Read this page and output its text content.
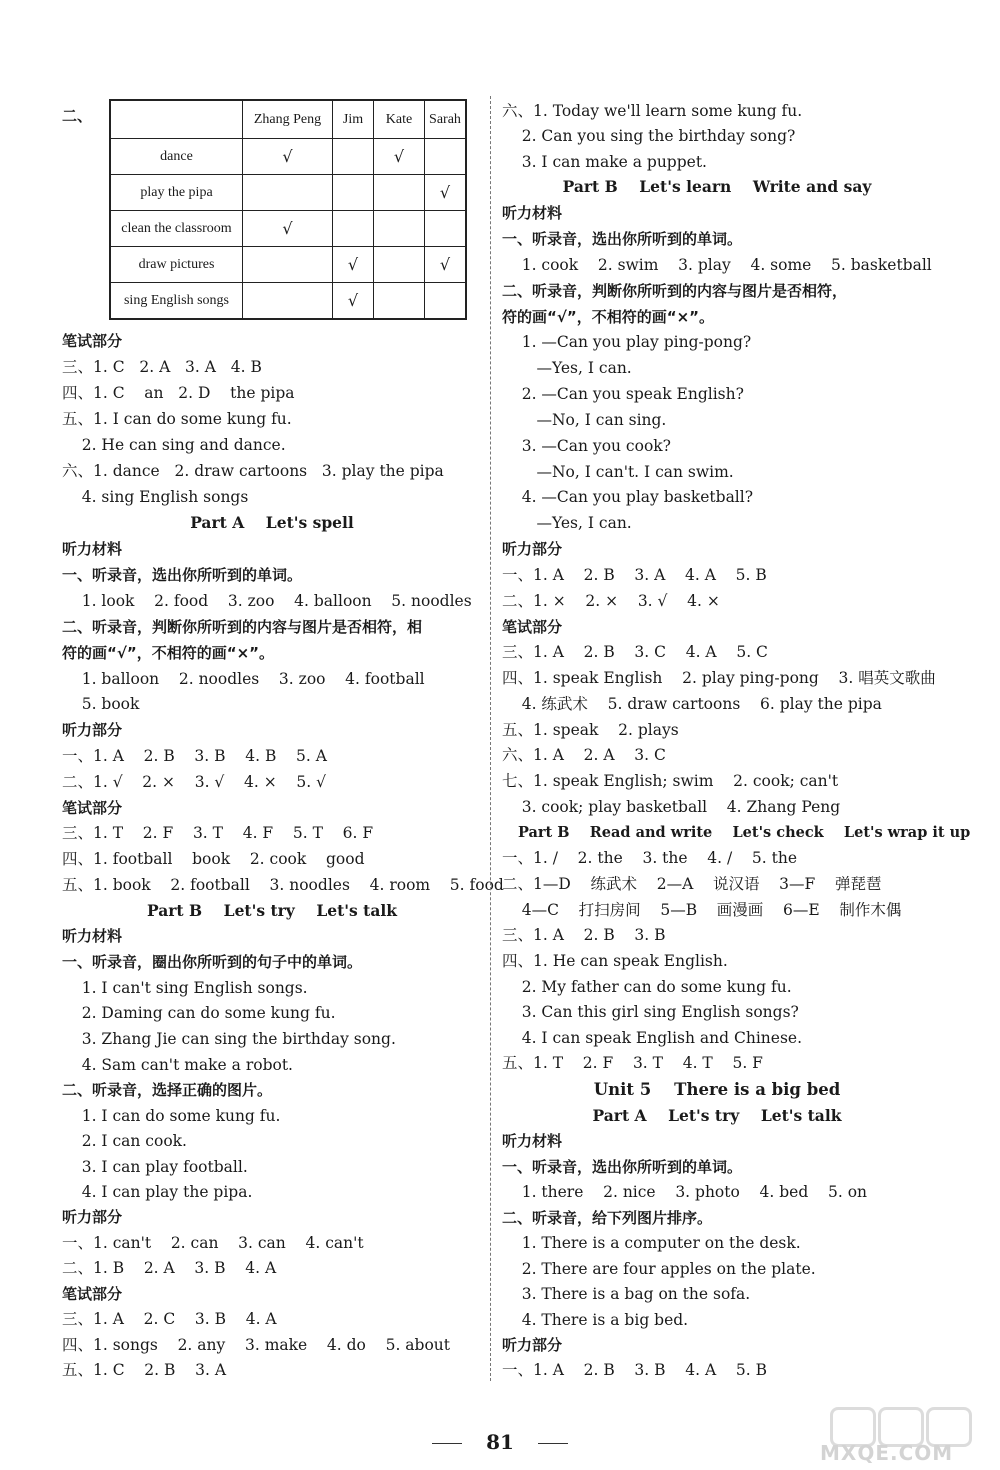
二、
		Zhang Peng	Jim	Kate	Sarah
dance	√		√	
play the pipa				√
clean the classroom	√			
draw pictures		√		√
sing English songs		√		
笔试部分
三、1. C   2. A   3. A   4. B
四、1. C    an   2. D    the pipa
五、1. I can do some kung fu.
2. He can sing and dance.
六、1. dance   2. draw cartoons   3. play the pipa
4. sing English songs
Part A    Let's spell
听力材料
一、听录音，选出你所听到的单词。
1. look    2. food    3. zoo    4. balloon    5. noodles
二、听录音，判断你所听到的内容与图片是否相符，相
符的画“√”，不相符的画“×”。
1. balloon    2. noodles    3. zoo    4. football
5. book
听力部分
一、1. A    2. B    3. B    4. B    5. A
二、1. √    2. ×    3. √    4. ×    5. √
笔试部分
三、1. T    2. F    3. T    4. F    5. T    6. F
四、1. football    book    2. cook    good
五、1. book    2. football    3. noodles    4. room    5. food
Part B    Let's try    Let's talk
听力材料
一、听录音，圈出你所听到的句子中的单词。
1. I can't sing English songs.
2. Daming can do some kung fu.
3. Zhang Jie can sing the birthday song.
4. Sam can't make a robot.
二、听录音，选择正确的图片。
1. I can do some kung fu.
2. I can cook.
3. I can play football.
4. I can play the pipa.
听力部分
一、1. can't    2. can    3. can    4. can't
二、1. B    2. A    3. B    4. A
笔试部分
三、1. A    2. C    3. B    4. A
四、1. songs    2. any    3. make    4. do    5. about
五、1. C    2. B    3. A
六、1. Today we'll learn some kung fu.
2. Can you sing the birthday song?
3. I can make a puppet.
Part B    Let's learn    Write and say
听力材料
一、听录音，选出你所听到的单词。
1. cook    2. swim    3. play    4. some    5. basketball
二、听录音，判断你所听到的内容与图片是否相符，
符的画“√”，不相符的画“×”。
1. —Can you play ping-pong?
—Yes, I can.
2. —Can you speak English?
—No, I can sing.
3. —Can you cook?
—No, I can't. I can swim.
4. —Can you play basketball?
—Yes, I can.
听力部分
一、1. A    2. B    3. A    4. A    5. B
二、1. ×    2. ×    3. √    4. ×
笔试部分
三、1. A    2. B    3. C    4. A    5. C
四、1. speak English    2. play ping-pong    3. 唱英文歌曲
4. 练武术    5. draw cartoons    6. play the pipa
五、1. speak    2. plays
六、1. A    2. A    3. C
七、1. speak English; swim    2. cook; can't
3. cook; play basketball    4. Zhang Peng
Part B    Read and write    Let's check    Let's wrap it up
一、1. /    2. the    3. the    4. /    5. the
二、1—D    练武术    2—A    说汉语    3—F    弹琵琶
4—C    打扫房间    5—B    画漫画    6—E    制作木偶
三、1. A    2. B    3. B
四、1. He can speak English.
2. My father can do some kung fu.
3. Can this girl sing English songs?
4. I can speak English and Chinese.
五、1. T    2. F    3. T    4. T    5. F
Unit 5    There is a big bed
Part A    Let's try    Let's talk
听力材料
一、听录音，选出你所听到的单词。
1. there    2. nice    3. photo    4. bed    5. on
二、听录音，给下列图片排序。
1. There is a computer on the desk.
2. There are four apples on the plate.
3. There is a bag on the sofa.
4. There is a big bed.
听力部分
一、1. A    2. B    3. B    4. A    5. B
81	MXQE.COM
